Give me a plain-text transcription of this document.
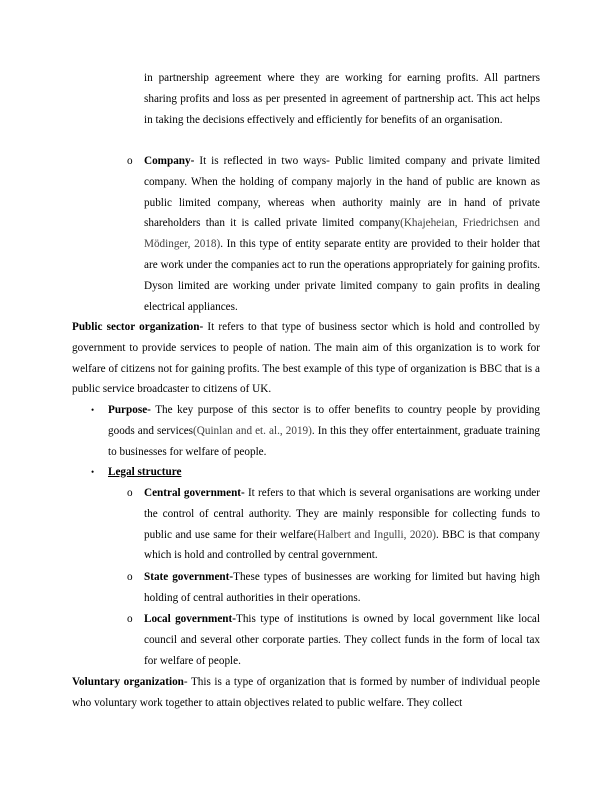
in partnership agreement where they are working for earning profits. All partners sharing profits and loss as per presented in agreement of partnership act. This act helps in taking the decisions effectively and efficiently for benefits of an organisation.

o Company- It is reflected in two ways- Public limited company and private limited company. When the holding of company majorly in the hand of public are known as public limited company, whereas when authority mainly are in hand of private shareholders than it is called private limited company(Khajeheian, Friedrichsen and Mödinger, 2018). In this type of entity separate entity are provided to their holder that are work under the companies act to run the operations appropriately for gaining profits. Dyson limited are working under private limited company to gain profits in dealing electrical appliances.

Public sector organization- It refers to that type of business sector which is hold and controlled by government to provide services to people of nation. The main aim of this organization is to work for welfare of citizens not for gaining profits. The best example of this type of organization is BBC that is a public service broadcaster to citizens of UK.

• Purpose- The key purpose of this sector is to offer benefits to country people by providing goods and services(Quinlan and et. al., 2019). In this they offer entertainment, graduate training to businesses for welfare of people.

• Legal structure

o Central government- It refers to that which is several organisations are working under the control of central authority. They are mainly responsible for collecting funds to public and use same for their welfare(Halbert and Ingulli, 2020). BBC is that company which is hold and controlled by central government.

o State government-These types of businesses are working for limited but having high holding of central authorities in their operations.

o Local government-This type of institutions is owned by local government like local council and several other corporate parties. They collect funds in the form of local tax for welfare of people.

Voluntary organization- This is a type of organization that is formed by number of individual people who voluntary work together to attain objectives related to public welfare. They collect
